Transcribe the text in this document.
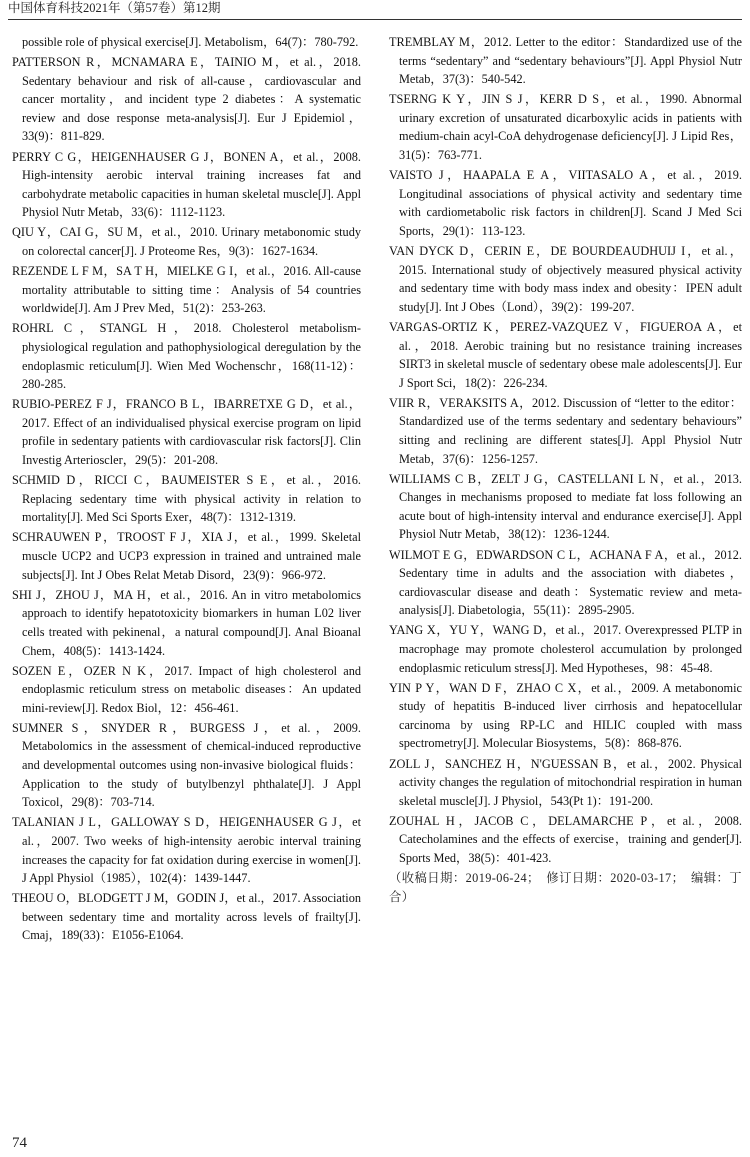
中国体育科技2021年（第57卷）第12期
possible role of physical exercise[J]. Metabolism，64(7)：780-792.
PATTERSON R，MCNAMARA E，TAINIO M，et al.，2018. Sedentary behaviour and risk of all-cause，cardiovascular and cancer mortality，and incident type 2 diabetes：A systematic review and dose response meta-analysis[J]. Eur J Epidemiol，33(9)：811-829.
PERRY C G，HEIGENHAUSER G J，BONEN A，et al.，2008. High-intensity aerobic interval training increases fat and carbohydrate metabolic capacities in human skeletal muscle[J]. Appl Physiol Nutr Metab，33(6)：1112-1123.
QIU Y，CAI G，SU M，et al.，2010. Urinary metabonomic study on colorectal cancer[J]. J Proteome Res，9(3)：1627-1634.
REZENDE L F M，SA T H，MIELKE G I，et al.，2016. All-cause mortality attributable to sitting time：Analysis of 54 countries worldwide[J]. Am J Prev Med，51(2)：253-263.
ROHRL C，STANGL H，2018. Cholesterol metabolism-physiological regulation and pathophysiological deregulation by the endoplasmic reticulum[J]. Wien Med Wochenschr，168(11-12)：280-285.
RUBIO-PEREZ F J，FRANCO B L，IBARRETXE G D，et al.，2017. Effect of an individualised physical exercise program on lipid profile in sedentary patients with cardiovascular risk factors[J]. Clin Investig Arterioscler，29(5)：201-208.
SCHMID D，RICCI C，BAUMEISTER S E，et al.，2016. Replacing sedentary time with physical activity in relation to mortality[J]. Med Sci Sports Exer，48(7)：1312-1319.
SCHRAUWEN P，TROOST F J，XIA J，et al.，1999. Skeletal muscle UCP2 and UCP3 expression in trained and untrained male subjects[J]. Int J Obes Relat Metab Disord，23(9)：966-972.
SHI J，ZHOU J，MA H，et al.，2016. An in vitro metabolomics approach to identify hepatotoxicity biomarkers in human L02 liver cells treated with pekinenal，a natural compound[J]. Anal Bioanal Chem，408(5)：1413-1424.
SOZEN E，OZER N K，2017. Impact of high cholesterol and endoplasmic reticulum stress on metabolic diseases：An updated mini-review[J]. Redox Biol，12：456-461.
SUMNER S，SNYDER R，BURGESS J，et al.，2009. Metabolomics in the assessment of chemical-induced reproductive and developmental outcomes using non-invasive biological fluids：Application to the study of butylbenzyl phthalate[J]. J Appl Toxicol，29(8)：703-714.
TALANIAN J L，GALLOWAY S D，HEIGENHAUSER G J，et al.，2007. Two weeks of high-intensity aerobic interval training increases the capacity for fat oxidation during exercise in women[J]. J Appl Physiol（1985），102(4)：1439-1447.
THEOU O，BLODGETT J M，GODIN J，et al.，2017. Association between sedentary time and mortality across levels of frailty[J]. Cmaj，189(33)：E1056-E1064.
TREMBLAY M，2012. Letter to the editor：Standardized use of the terms “sedentary” and “sedentary behaviours”[J]. Appl Physiol Nutr Metab，37(3)：540-542.
TSERNG K Y，JIN S J，KERR D S，et al.，1990. Abnormal urinary excretion of unsaturated dicarboxylic acids in patients with medium-chain acyl-CoA dehydrogenase deficiency[J]. J Lipid Res，31(5)：763-771.
VAISTO J，HAAPALA E A，VIITASALO A，et al.，2019. Longitudinal associations of physical activity and sedentary time with cardiometabolic risk factors in children[J]. Scand J Med Sci Sports，29(1)：113-123.
VAN DYCK D，CERIN E，DE BOURDEAUDHUIJ I，et al.，2015. International study of objectively measured physical activity and sedentary time with body mass index and obesity：IPEN adult study[J]. Int J Obes（Lond），39(2)：199-207.
VARGAS-ORTIZ K，PEREZ-VAZQUEZ V，FIGUEROA A，et al.，2018. Aerobic training but no resistance training increases SIRT3 in skeletal muscle of sedentary obese male adolescents[J]. Eur J Sport Sci，18(2)：226-234.
VIIR R，VERAKSITS A，2012. Discussion of “letter to the editor：Standardized use of the terms sedentary and sedentary behaviours” sitting and reclining are different states[J]. Appl Physiol Nutr Metab，37(6)：1256-1257.
WILLIAMS C B，ZELT J G，CASTELLANI L N，et al.，2013. Changes in mechanisms proposed to mediate fat loss following an acute bout of high-intensity interval and endurance exercise[J]. Appl Physiol Nutr Metab，38(12)：1236-1244.
WILMOT E G，EDWARDSON C L，ACHANA F A，et al.，2012. Sedentary time in adults and the association with diabetes，cardiovascular disease and death：Systematic review and meta-analysis[J]. Diabetologia，55(11)：2895-2905.
YANG X，YU Y，WANG D，et al.，2017. Overexpressed PLTP in macrophage may promote cholesterol accumulation by prolonged endoplasmic reticulum stress[J]. Med Hypotheses，98：45-48.
YIN P Y，WAN D F，ZHAO C X，et al.，2009. A metabonomic study of hepatitis B-induced liver cirrhosis and hepatocellular carcinoma by using RP-LC and HILIC coupled with mass spectrometry[J]. Molecular Biosystems，5(8)：868-876.
ZOLL J，SANCHEZ H，N'GUESSAN B，et al.，2002. Physical activity changes the regulation of mitochondrial respiration in human skeletal muscle[J]. J Physiol，543(Pt 1)：191-200.
ZOUHAL H，JACOB C，DELAMARCHE P，et al.，2008. Catecholamines and the effects of exercise，training and gender[J]. Sports Med，38(5)：401-423.
（收稿日期：2019-06-24；　修订日期：2020-03-17；　编辑：丁合）
74
